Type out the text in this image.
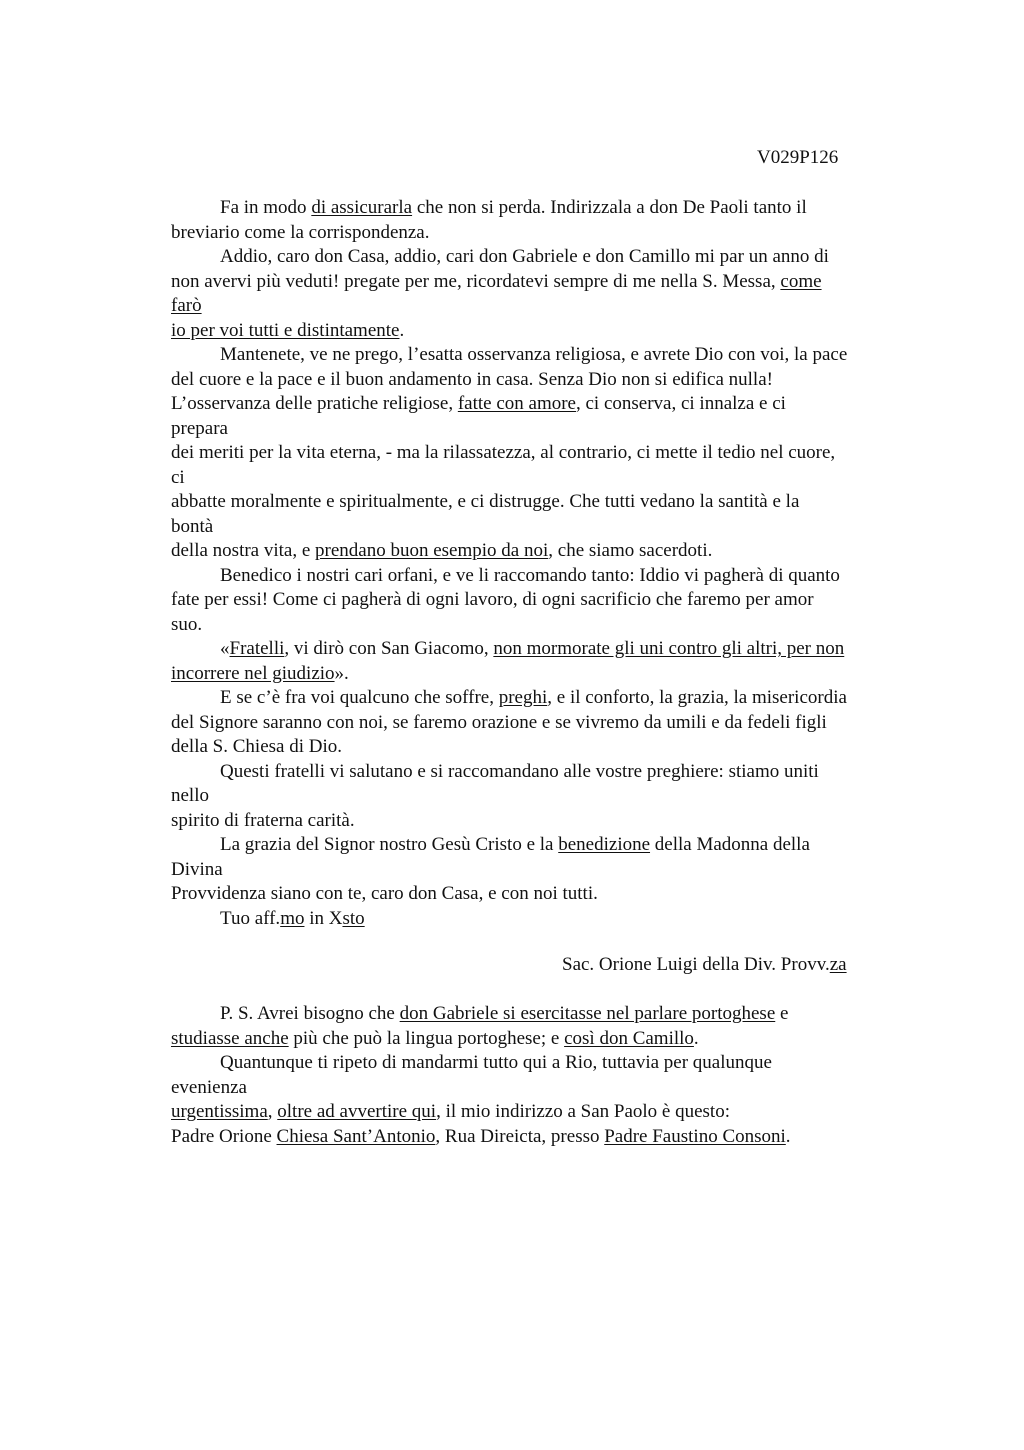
V029P126
Fa in modo di assicurarla che non si perda. Indirizzala a don De Paoli tanto il
breviario come la corrispondenza.
Addio, caro don Casa, addio, cari don Gabriele e don Camillo mi par un anno di
non avervi più veduti! pregate per me, ricordatevi sempre di me nella S. Messa, come
farò
io per voi tutti e distintamente.
Mantenete, ve ne prego, l’esatta osservanza religiosa, e avrete Dio con voi, la pace
del cuore e la pace e il buon andamento in casa. Senza Dio non si edifica nulla!
L’osservanza delle pratiche religiose, fatte con amore, ci conserva, ci innalza e ci
prepara
dei meriti per la vita eterna, - ma la rilassatezza, al contrario, ci mette il tedio nel cuore,
ci
abbatte moralmente e spiritualmente, e ci distrugge. Che tutti vedano la santità e la
bontà
della nostra vita, e prendano buon esempio da noi, che siamo sacerdoti.
Benedico i nostri cari orfani, e ve li raccomando tanto: Iddio vi pagherà di quanto
fate per essi! Come ci pagherà di ogni lavoro, di ogni sacrificio che faremo per amor
suo.
«Fratelli, vi dirò con San Giacomo, non mormorate gli uni contro gli altri, per non
incorrere nel giudizio».
E se c’è fra voi qualcuno che soffre, preghi, e il conforto, la grazia, la misericordia
del Signore saranno con noi, se faremo orazione e se vivremo da umili e da fedeli figli
della S. Chiesa di Dio.
Questi fratelli vi salutano e si raccomandano alle vostre preghiere: stiamo uniti
nello
spirito di fraterna carità.
La grazia del Signor nostro Gesù Cristo e la benedizione della Madonna della
Divina
Provvidenza siano con te, caro don Casa, e con noi tutti.
Tuo aff.mo in Xsto
Sac. Orione Luigi della Div. Provv.za
P. S. Avrei bisogno che don Gabriele si esercitasse nel parlare portoghese e
studiasse anche più che può la lingua portoghese; e così don Camillo.
Quantunque ti ripeto di mandarmi tutto qui a Rio, tuttavia per qualunque
evenienza
urgentissima, oltre ad avvertire qui, il mio indirizzo a San Paolo è questo:
Padre Orione Chiesa Sant’Antonio, Rua Direicta, presso Padre Faustino Consoni.
